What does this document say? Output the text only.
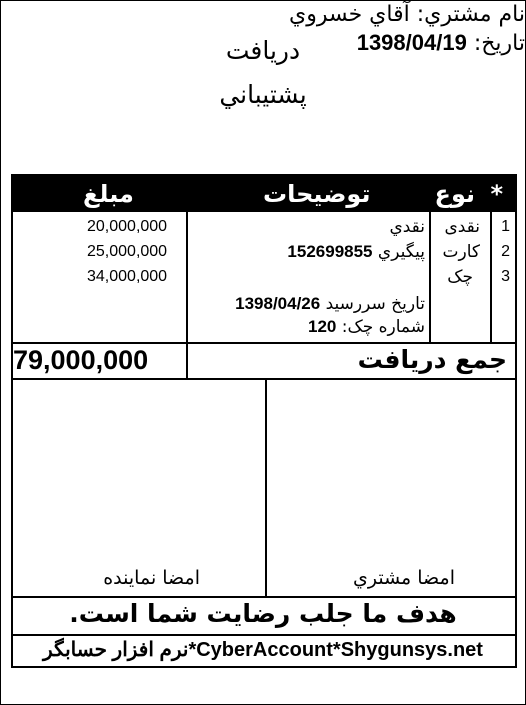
دريافت
پشتيباني
نام مشتري: آقاي خسروي
تاريخ: 1398/04/19
*
نوع
توضيحات
مبلغ
1
2
3
نقدی
کارت
چک
نقدي
پيگيري 152699855
تاريخ سررسيد 1398/04/26
شماره چک: 120
20,000,000
25,000,000
34,000,000
جمع دريافت
79,000,000
امضا مشتري
امضا نماينده
هدف ما جلب رضايت شما است.
نرم افزار حسابگر*CyberAccount*Shygunsys.net
